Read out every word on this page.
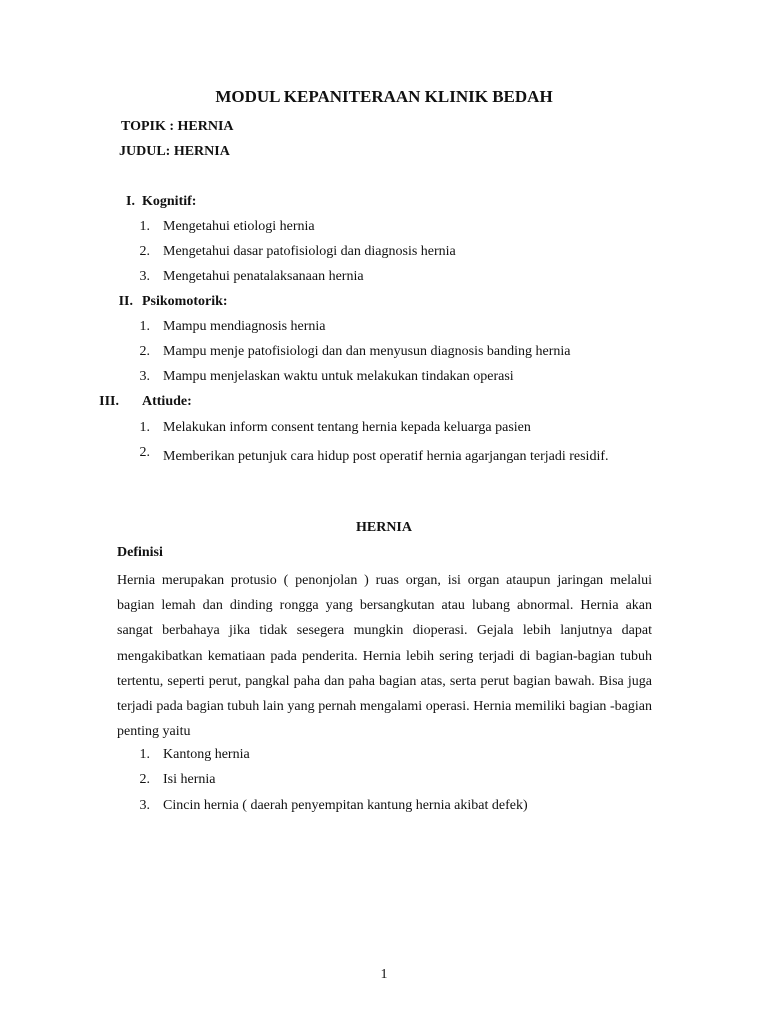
MODUL KEPANITERAAN KLINIK BEDAH
TOPIK : HERNIA
JUDUL: HERNIA
I. Kognitif:
1. Mengetahui etiologi hernia
2. Mengetahui dasar patofisiologi dan diagnosis hernia
3. Mengetahui penatalaksanaan hernia
II. Psikomotorik:
1. Mampu mendiagnosis hernia
2. Mampu menje patofisiologi dan dan menyusun diagnosis banding hernia
3. Mampu menjelaskan waktu untuk melakukan tindakan operasi
III. Attiude:
1. Melakukan inform consent tentang hernia kepada keluarga pasien
2. Memberikan petunjuk cara hidup post operatif hernia agarjangan terjadi residif.
HERNIA
Definisi
Hernia merupakan protusio ( penonjolan ) ruas organ, isi organ ataupun jaringan melalui bagian lemah dan dinding rongga yang bersangkutan atau lubang abnormal. Hernia akan sangat berbahaya jika tidak sesegera mungkin dioperasi. Gejala lebih lanjutnya dapat mengakibatkan kematiaan pada penderita. Hernia lebih sering terjadi di bagian-bagian tubuh tertentu, seperti perut, pangkal paha dan paha bagian atas, serta perut bagian bawah. Bisa juga terjadi pada bagian tubuh lain yang pernah mengalami operasi. Hernia memiliki bagian -bagian penting yaitu
1. Kantong hernia
2. Isi hernia
3. Cincin hernia ( daerah penyempitan kantung hernia akibat defek)
1
